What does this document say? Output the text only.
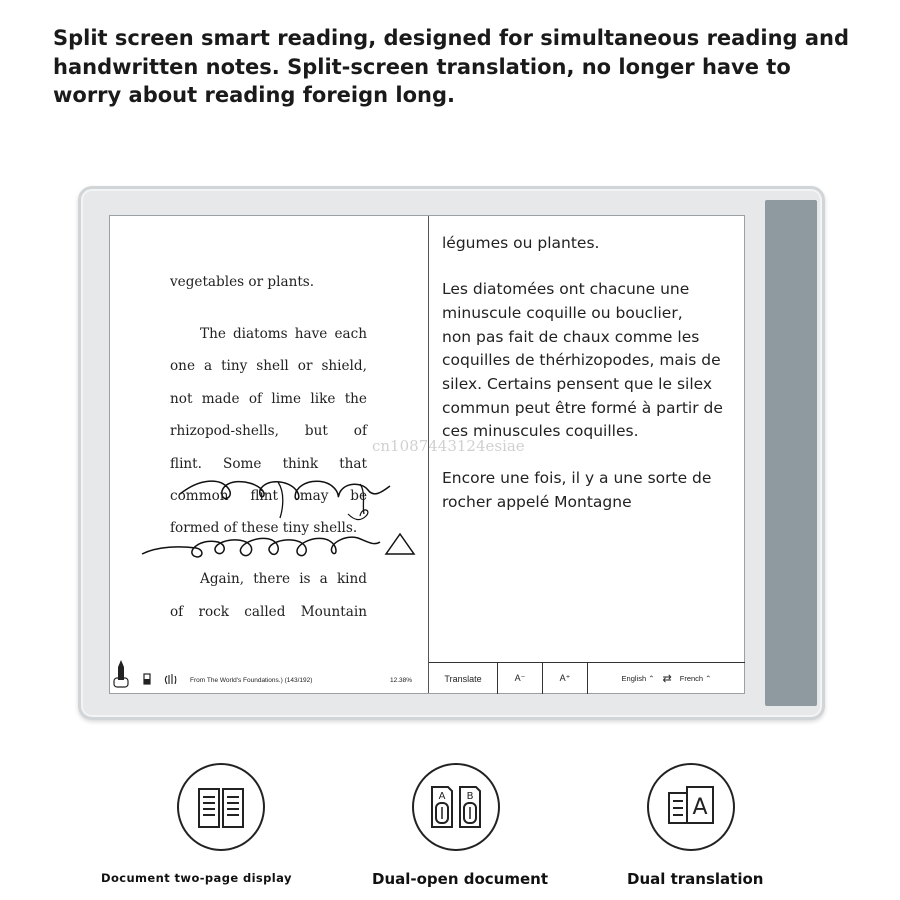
Split screen smart reading, designed for simultaneous reading and
handwritten notes. Split-screen translation, no longer have to
worry about reading foreign long.
vegetables or plants.
The diatoms have each
one a tiny shell or shield,
not made of lime like the
rhizopod-shells, but of
flint. Some think that
common flint may be
formed of these tiny shells.
Again, there is a kind
of rock called Mountain
légumes ou plantes.
Les diatomées ont chacune une
minuscule coquille ou bouclier,
non pas fait de chaux comme les
coquilles de thérhizopodes, mais de
silex. Certains pensent que le silex
commun peut être formé à partir de
ces minuscules coquilles.
Encore une fois, il y a une sorte de
rocher appelé Montagne
From The World's Foundations.) (143/192)	12.38%	Translate	A⁻	A⁺	English ⌃ ⇄ French ⌃
cn1087443124esiae
Document two-page display
A B
Dual-open document
A
Dual translation
